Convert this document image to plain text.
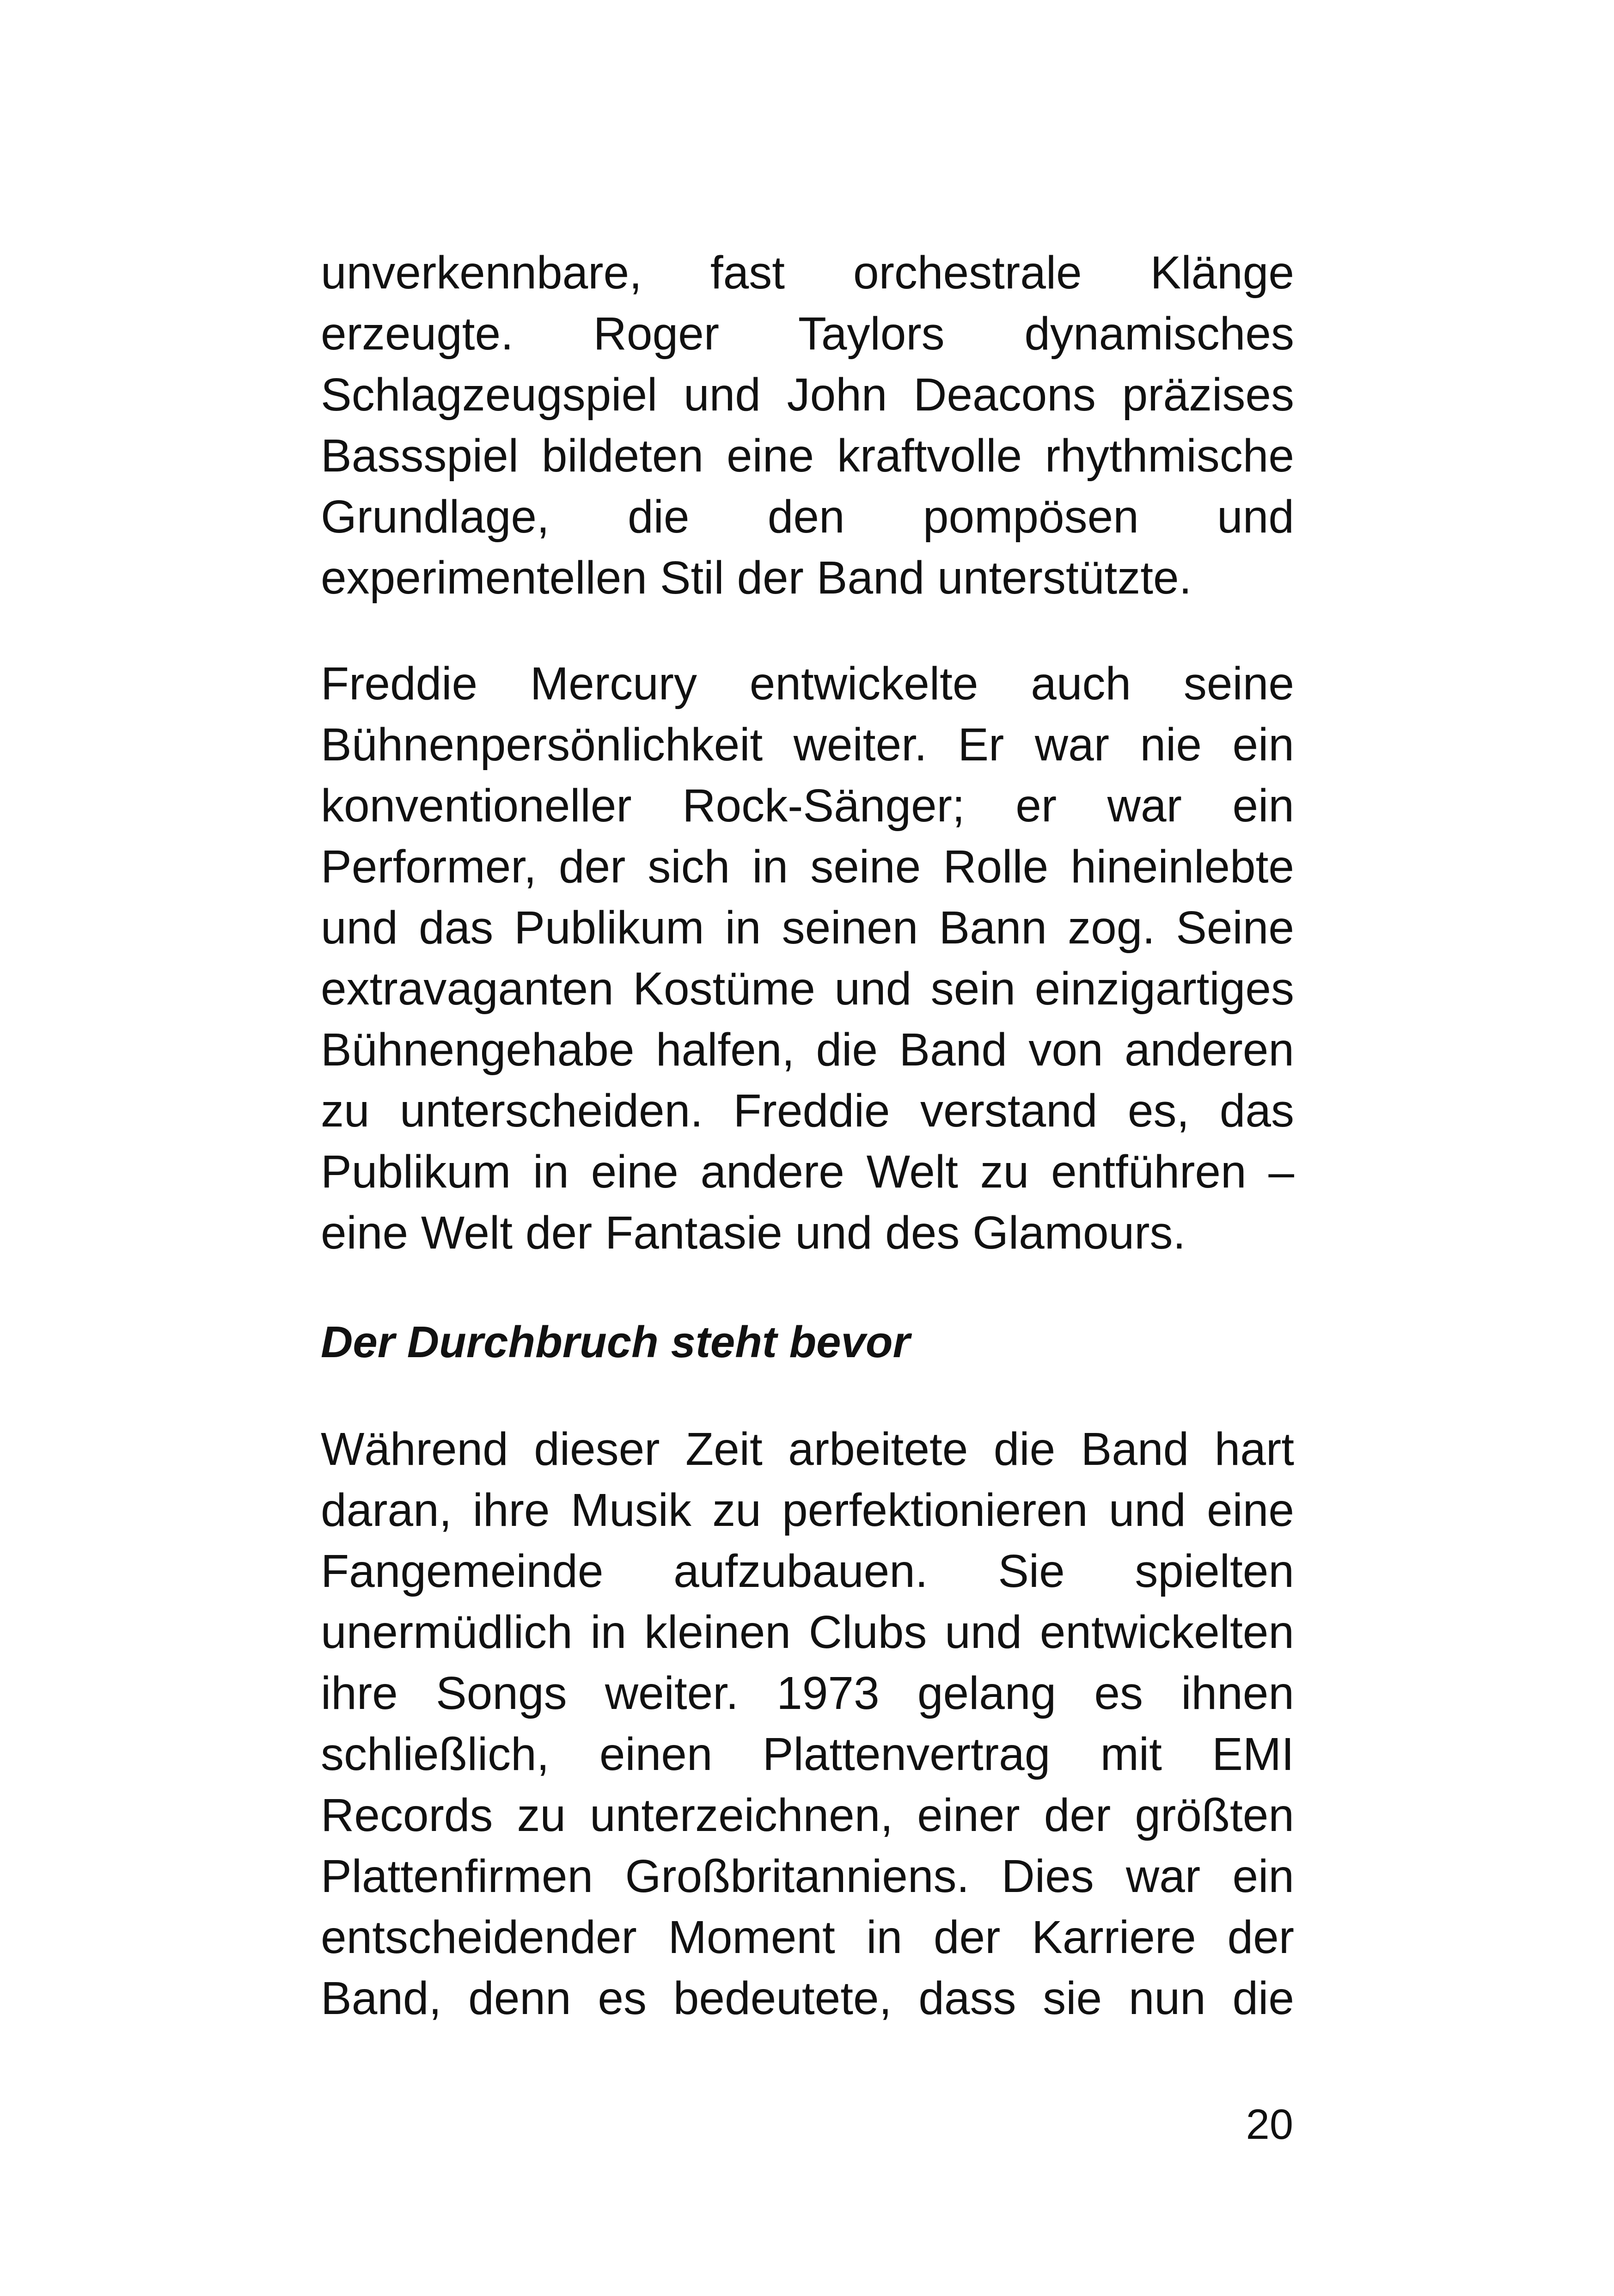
unverkennbare, fast orchestrale Klänge
erzeugte. Roger Taylors dynamisches
Schlagzeugspiel und John Deacons präzises
Bassspiel bildeten eine kraftvolle rhythmische
Grundlage, die den pompösen und
experimentellen Stil der Band unterstützte.
Freddie Mercury entwickelte auch seine
Bühnenpersönlichkeit weiter. Er war nie ein
konventioneller Rock-Sänger; er war ein
Performer, der sich in seine Rolle hineinlebte
und das Publikum in seinen Bann zog. Seine
extravaganten Kostüme und sein einzigartiges
Bühnengehabe halfen, die Band von anderen
zu unterscheiden. Freddie verstand es, das
Publikum in eine andere Welt zu entführen –
eine Welt der Fantasie und des Glamours.
Der Durchbruch steht bevor
Während dieser Zeit arbeitete die Band hart
daran, ihre Musik zu perfektionieren und eine
Fangemeinde aufzubauen. Sie spielten
unermüdlich in kleinen Clubs und entwickelten
ihre Songs weiter. 1973 gelang es ihnen
schließlich, einen Plattenvertrag mit EMI
Records zu unterzeichnen, einer der größten
Plattenfirmen Großbritanniens. Dies war ein
entscheidender Moment in der Karriere der
Band, denn es bedeutete, dass sie nun die

20
